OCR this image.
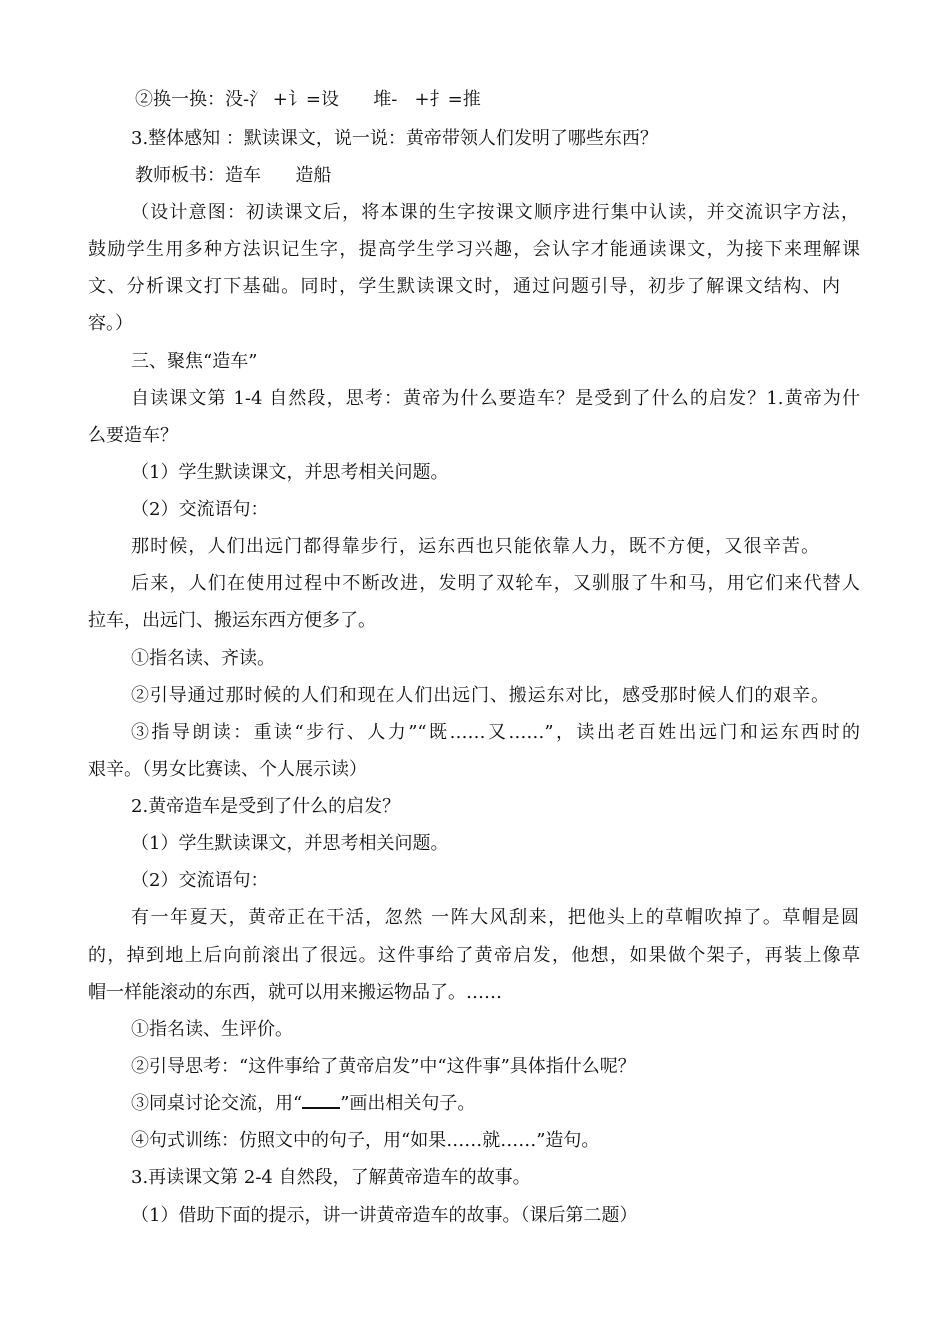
②换一换：没-氵 +讠=设      堆-   +扌=推
3.整体感知 ：默读课文，说一说：黄帝带领人们发明了哪些东西？
教师板书：造车      造船
（设计意图：初读课文后，将本课的生字按课文顺序进行集中认读，并交流识字方法，
鼓励学生用多种方法识记生字，提高学生学习兴趣，会认字才能通读课文，为接下来理解课
文、分析课文打下基础。同时，学生默读课文时，通过问题引导，初步了解课文结构、内
容。）
三、聚焦“造车”
自读课文第 1-4 自然段，思考：黄帝为什么要造车？是受到了什么的启发？1.黄帝为什
么要造车？
（1）学生默读课文，并思考相关问题。
（2）交流语句：
那时候，人们出远门都得靠步行，运东西也只能依靠人力，既不方便，又很辛苦。
后来，人们在使用过程中不断改进，发明了双轮车，又驯服了牛和马，用它们来代替人
拉车，出远门、搬运东西方便多了。
①指名读、齐读。
②引导通过那时候的人们和现在人们出远门、搬运东对比，感受那时候人们的艰辛。
③指导朗读：重读“步行、人力”“既……又……”，读出老百姓出远门和运东西时的
艰辛。（男女比赛读、个人展示读）
2.黄帝造车是受到了什么的启发？
（1）学生默读课文，并思考相关问题。
（2）交流语句：
有一年夏天，黄帝正在干活，忽然 一阵大风刮来，把他头上的草帽吹掉了。草帽是圆
的，掉到地上后向前滚出了很远。这件事给了黄帝启发，他想，如果做个架子，再装上像草
帽一样能滚动的东西，就可以用来搬运物品了。……
①指名读、生评价。
②引导思考：“这件事给了黄帝启发”中“这件事”具体指什么呢？
③同桌讨论交流，用“ ”画出相关句子。
④句式训练：仿照文中的句子，用“如果……就……”造句。
3.再读课文第 2-4 自然段，了解黄帝造车的故事。
（1）借助下面的提示，讲一讲黄帝造车的故事。（课后第二题）
